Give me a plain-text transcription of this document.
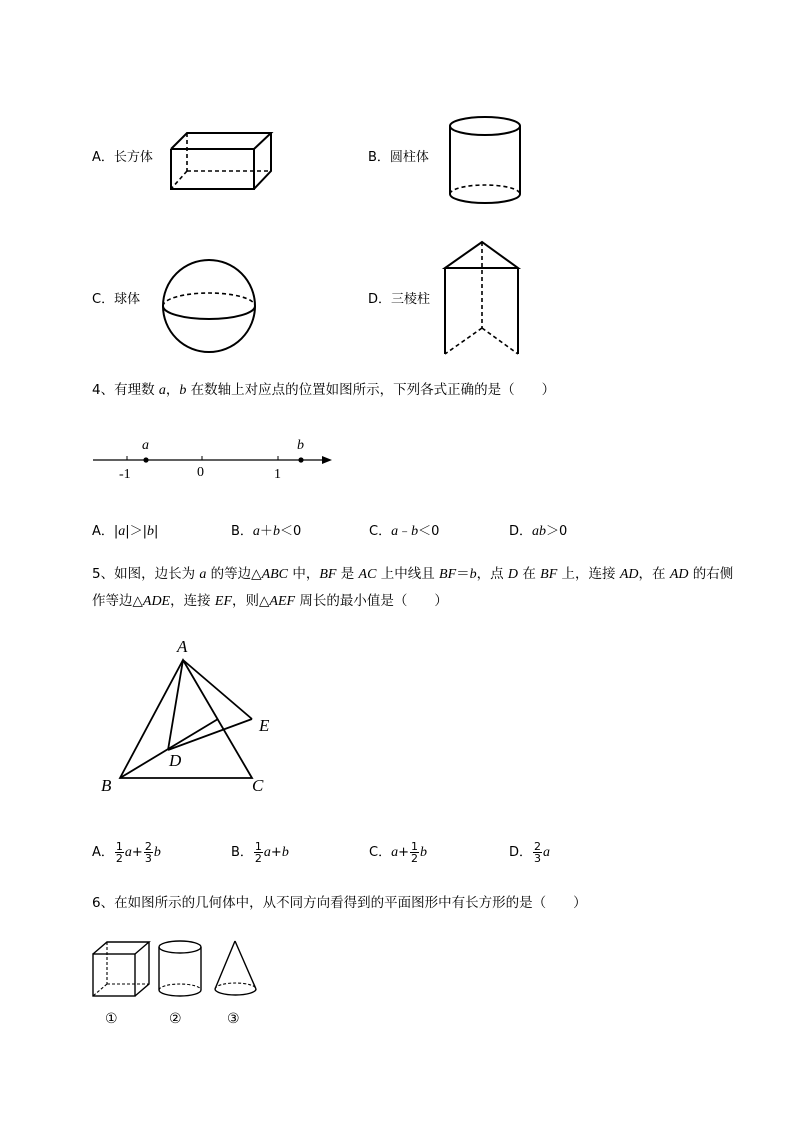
A．长方体	B．圆柱体
C．球体	D．三棱柱
4、有理数 a，b 在数轴上对应点的位置如图所示，下列各式正确的是（　　）
a	b
-1	0	1
A．|a|＞|b|	B．a＋b＜0	C．a﹣b＜0	D．ab＞0
5、如图，边长为 a 的等边△ABC 中，BF 是 AC 上中线且 BF＝b，点 D 在 BF 上，连接 AD，在 AD 的右侧
作等边△ADE，连接 EF，则△AEF 周长的最小值是（　　）
A
B	C
D
E
A． $\frac{1}{2} a+ \frac{2}{3}$ b	B． $\frac{1}{2} a+b$	C．$a+ \frac{1}{2}$ b	D． $\frac{2}{3}$ a
6、在如图所示的几何体中，从不同方向看得到的平面图形中有长方形的是（　　）
①	②	③
